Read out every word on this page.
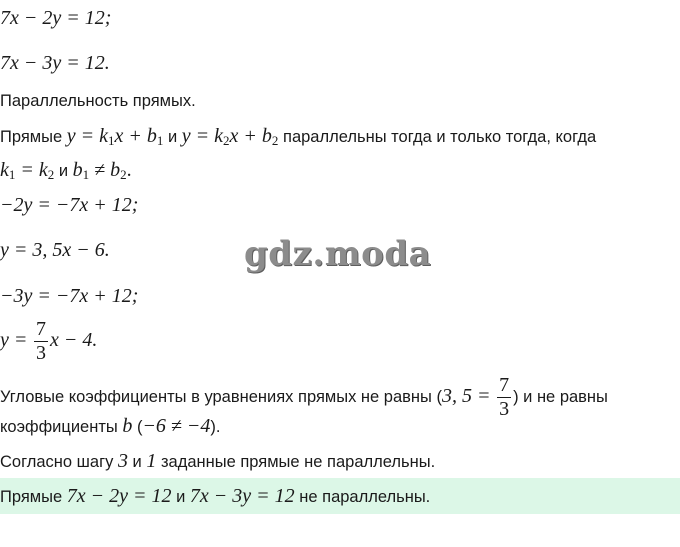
7x − 2y = 12;
7x − 3y = 12.
Параллельность прямых.
Прямые $y = k_1x + b_1$ и $y = k_2x + b_2$ параллельны тогда и только тогда, когда
$k_1 = k_2$ и $b_1 \ne b_2$.
−2y = −7x + 12;
y = 3, 5x − 6.	gdz.moda
−3y = −7x + 12;
$y = \frac{7}{3}$ x − 4.
Угловые коэффициенты в уравнениях прямых не равны (3, $5 = \frac{7}{3}$ ) и не равны
коэффициенты b (−6 ≠ −4).
Согласно шагу 3 и 1 заданные прямые не параллельны.
Прямые 7x − 2y = 12 и 7x − 3y = 12 не параллельны.
